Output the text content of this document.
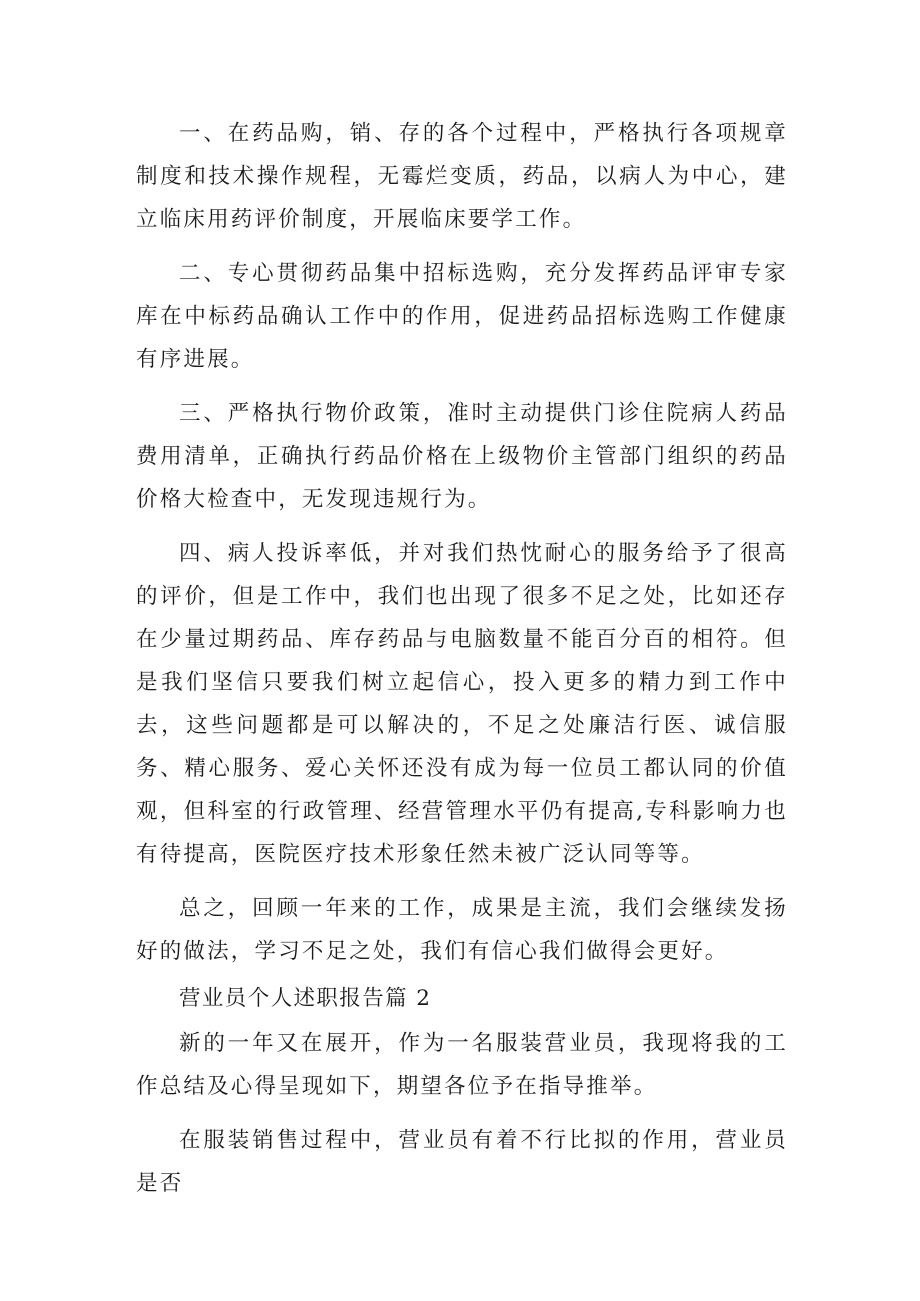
一、在药品购，销、存的各个过程中，严格执行各项规章制度和技术操作规程，无霉烂变质，药品，以病人为中心，建立临床用药评价制度，开展临床要学工作。

二、专心贯彻药品集中招标选购，充分发挥药品评审专家库在中标药品确认工作中的作用，促进药品招标选购工作健康有序进展。

三、严格执行物价政策，准时主动提供门诊住院病人药品费用清单，正确执行药品价格在上级物价主管部门组织的药品价格大检查中，无发现违规行为。

四、病人投诉率低，并对我们热忱耐心的服务给予了很高的评价，但是工作中，我们也出现了很多不足之处，比如还存在少量过期药品、库存药品与电脑数量不能百分百的相符。但是我们坚信只要我们树立起信心，投入更多的精力到工作中去，这些问题都是可以解决的，不足之处廉洁行医、诚信服务、精心服务、爱心关怀还没有成为每一位员工都认同的价值观，但科室的行政管理、经营管理水平仍有提高,专科影响力也有待提高，医院医疗技术形象任然未被广泛认同等等。

总之，回顾一年来的工作，成果是主流，我们会继续发扬好的做法，学习不足之处，我们有信心我们做得会更好。

营业员个人述职报告篇 2

新的一年又在展开，作为一名服装营业员，我现将我的工作总结及心得呈现如下，期望各位予在指导推举。

在服装销售过程中，营业员有着不行比拟的作用，营业员是否
